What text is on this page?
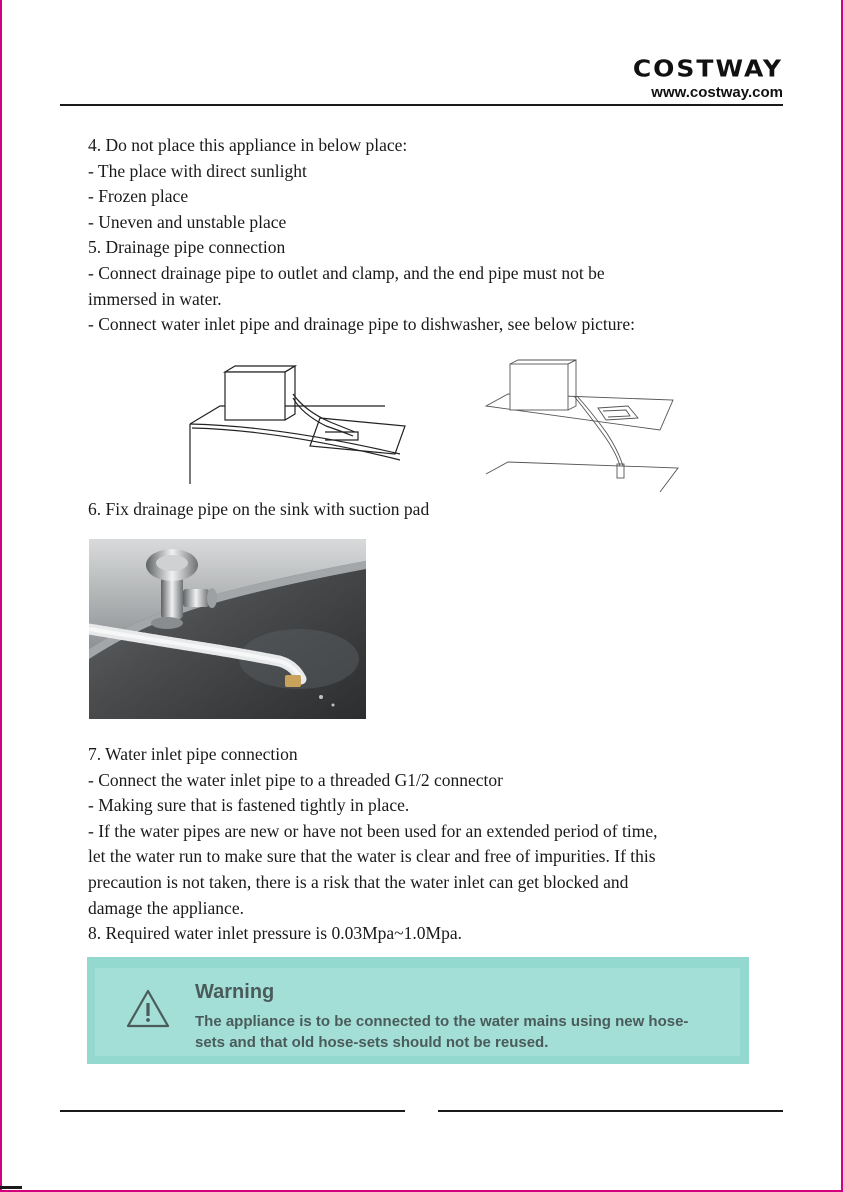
COSTWAY
www.costway.com

4. Do not place this appliance in below place:

- The place with direct sunlight

- Frozen place

- Uneven and unstable place

5. Drainage pipe connection

- Connect drainage pipe to outlet and clamp, and the end pipe must not be

immersed in water.

- Connect water inlet pipe and drainage pipe to dishwasher, see below picture:

6. Fix drainage pipe on the sink with suction pad

7. Water inlet pipe connection

- Connect the water inlet pipe to a threaded G1/2 connector

- Making sure that is fastened tightly in place.

- If the water pipes are new or have not been used for an extended period of time,

let the water run to make sure that the water is clear and free of impurities. If this

precaution is not taken, there is a risk that the water inlet can get blocked and

damage the appliance.

8. Required water inlet pressure is 0.03Mpa~1.0Mpa.

Warning

The appliance is to be connected to the water mains using new hose-

sets and that old hose-sets should not be reused.
